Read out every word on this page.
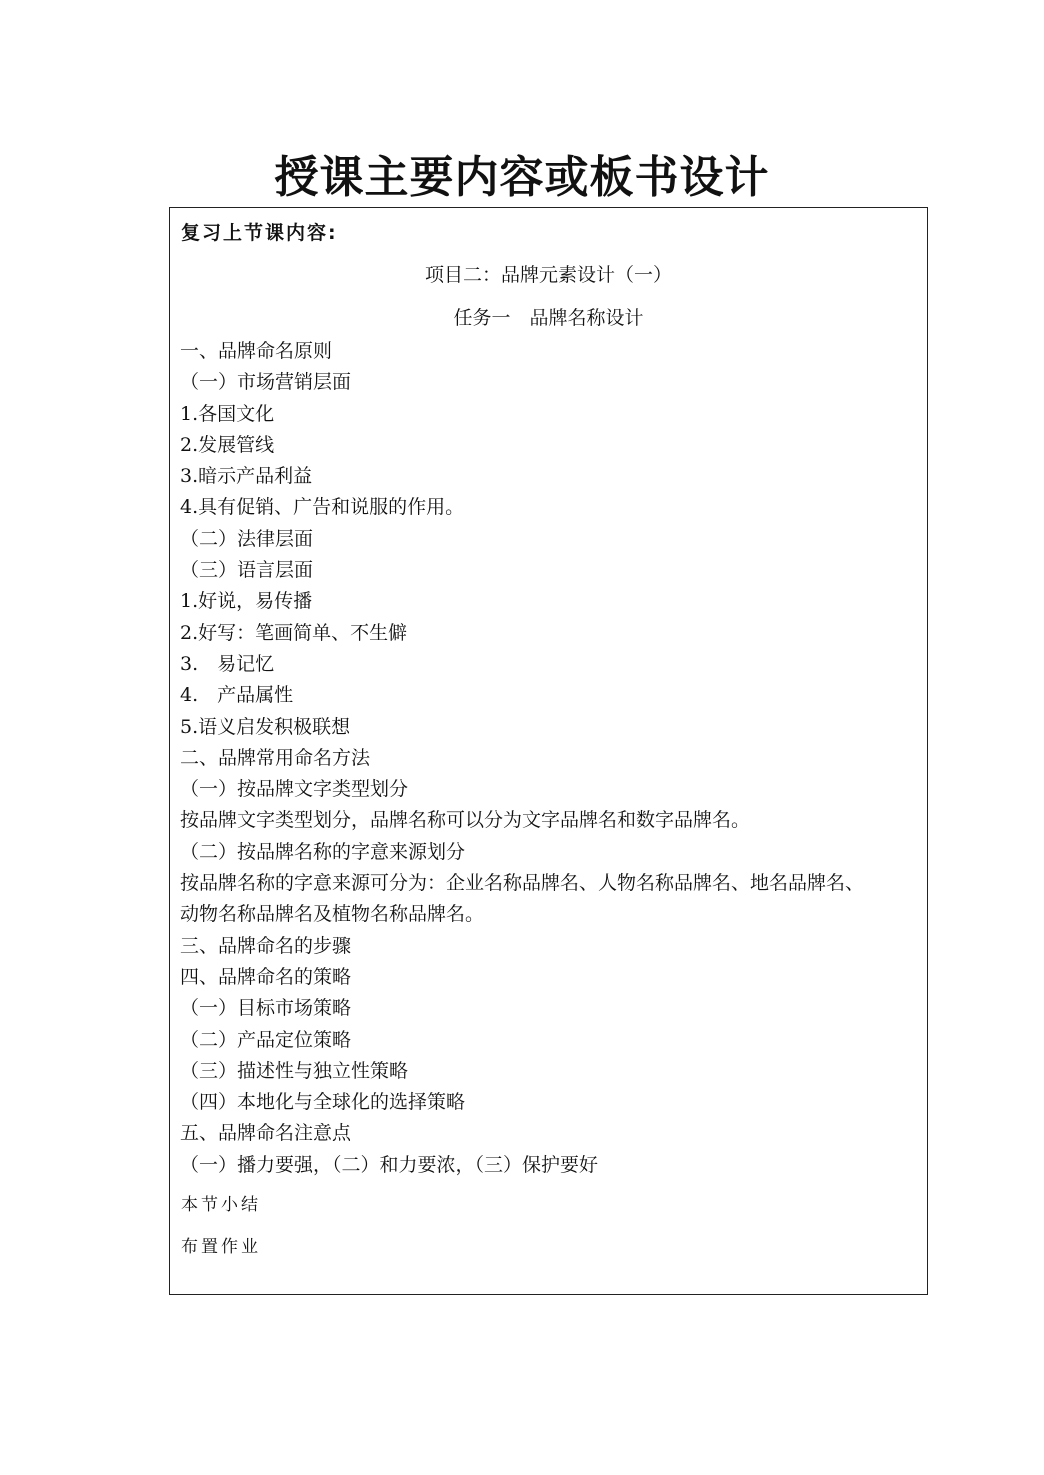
授课主要内容或板书设计
复习上节课内容:
项目二：品牌元素设计（一）
任务一　品牌名称设计
一、品牌命名原则
（一）市场营销层面
1.各国文化
2.发展管线
3.暗示产品利益
4.具有促销、广告和说服的作用。
（二）法律层面
（三）语言层面
1.好说，易传播
2.好写：笔画简单、不生僻
3.　易记忆
4.　产品属性
5.语义启发积极联想
二、品牌常用命名方法
（一）按品牌文字类型划分
按品牌文字类型划分，品牌名称可以分为文字品牌名和数字品牌名。
（二）按品牌名称的字意来源划分
按品牌名称的字意来源可分为：企业名称品牌名、人物名称品牌名、地名品牌名、
动物名称品牌名及植物名称品牌名。
三、品牌命名的步骤
四、品牌命名的策略
（一）目标市场策略
（二）产品定位策略
（三）描述性与独立性策略
（四）本地化与全球化的选择策略
五、品牌命名注意点
（一）播力要强，（二）和力要浓，（三）保护要好
本节小结
布置作业
